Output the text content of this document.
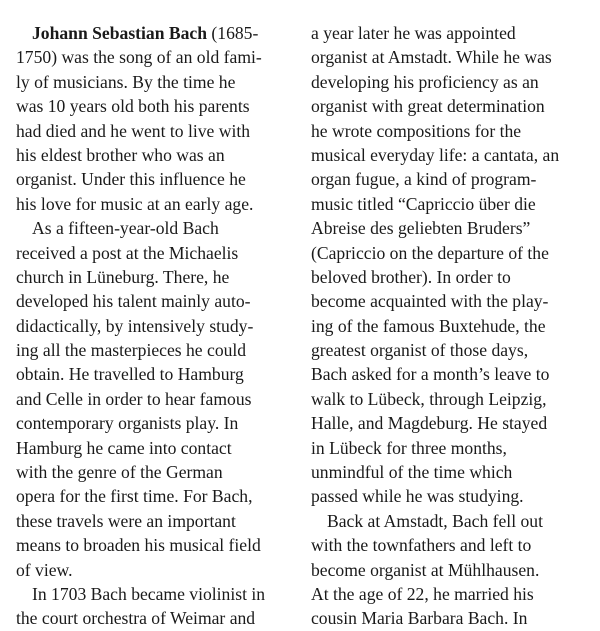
Johann Sebastian Bach (1685-
1750) was the song of an old fami-
ly of musicians. By the time he
was 10 years old both his parents
had died and he went to live with
his eldest brother who was an
organist. Under this influence he
his love for music at an early age.
As a fifteen-year-old Bach
received a post at the Michaelis
church in Lüneburg. There, he
developed his talent mainly auto-
didactically, by intensively study-
ing all the masterpieces he could
obtain. He travelled to Hamburg
and Celle in order to hear famous
contemporary organists play. In
Hamburg he came into contact
with the genre of the German
opera for the first time. For Bach,
these travels were an important
means to broaden his musical field
of view.
In 1703 Bach became violinist in
the court orchestra of Weimar and
a year later he was appointed
organist at Amstadt. While he was
developing his proficiency as an
organist with great determination
he wrote compositions for the
musical everyday life: a cantata, an
organ fugue, a kind of program-
music titled “Capriccio über die
Abreise des geliebten Bruders”
(Capriccio on the departure of the
beloved brother). In order to
become acquainted with the play-
ing of the famous Buxtehude, the
greatest organist of those days,
Bach asked for a month’s leave to
walk to Lübeck, through Leipzig,
Halle, and Magdeburg. He stayed
in Lübeck for three months,
unmindful of the time which
passed while he was studying.
Back at Amstadt, Bach fell out
with the townfathers and left to
become organist at Mühlhausen.
At the age of 22, he married his
cousin Maria Barbara Bach. In
